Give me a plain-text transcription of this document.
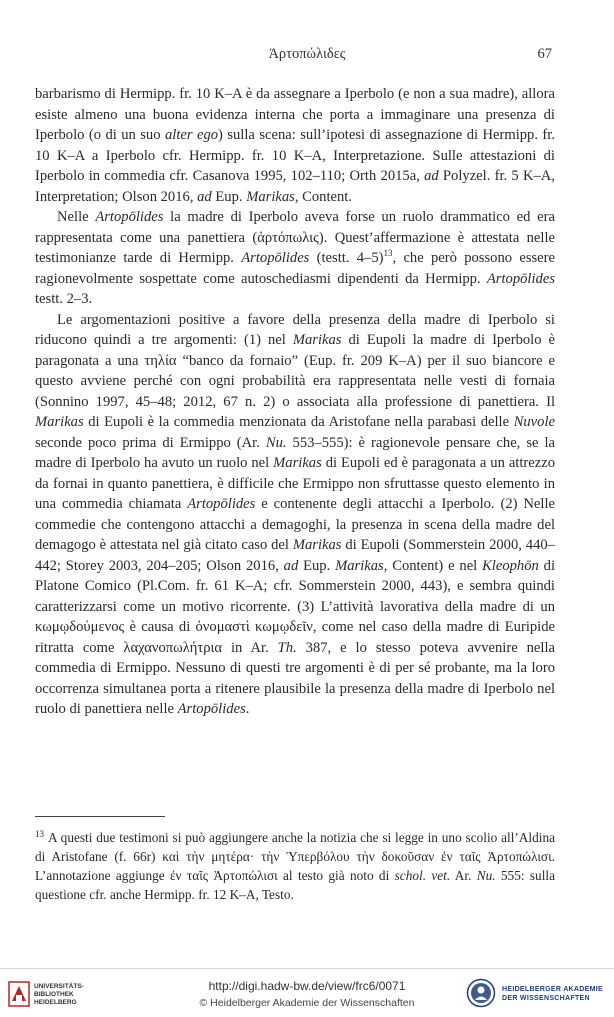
Ἀρτοπώλιδες	67

barbarismo di Hermipp. fr. 10 K–A è da assegnare a Iperbolo (e non a sua madre), allora esiste almeno una buona evidenza interna che porta a immaginare una presenza di Iperbolo (o di un suo alter ego) sulla scena: sull’ipotesi di assegnazione di Hermipp. fr. 10 K–A a Iperbolo cfr. Hermipp. fr. 10 K–A, Interpretazione. Sulle attestazioni di Iperbolo in commedia cfr. Casanova 1995, 102–110; Orth 2015a, ad Polyzel. fr. 5 K–A, Interpretation; Olson 2016, ad Eup. Marikas, Content.

Nelle Artopōlides la madre di Iperbolo aveva forse un ruolo drammatico ed era rappresentata come una panettiera (ἀρτόπωλις). Quest’affermazione è attestata nelle testimonianze tarde di Hermipp. Artopōlides (testt. 4–5)$^{13}$, che però possono essere ragionevolmente sospettate come autoschediasmi dipendenti da Hermipp. Artopōlides testt. 2–3.

Le argomentazioni positive a favore della presenza della madre di Iperbolo si riducono quindi a tre argomenti: (1) nel Marikas di Eupoli la madre di Iperbolo è paragonata a una τηλία “banco da fornaio” (Eup. fr. 209 K–A) per il suo biancore e questo avviene perché con ogni probabilità era rappresentata nelle vesti di fornaia (Sonnino 1997, 45–48; 2012, 67 n. 2) o associata alla professione di panettiera. Il Marikas di Eupoli è la commedia menzionata da Aristofane nella parabasi delle Nuvole seconde poco prima di Ermippo (Ar. Nu. 553–555): è ragionevole pensare che, se la madre di Iperbolo ha avuto un ruolo nel Marikas di Eupoli ed è paragonata a un attrezzo da fornai in quanto panettiera, è difficile che Ermippo non sfruttasse questo elemento in una commedia chiamata Artopōlides e contenente degli attacchi a Iperbolo. (2) Nelle commedie che contengono attacchi a demagoghi, la presenza in scena della madre del demagogo è attestata nel già citato caso del Marikas di Eupoli (Sommerstein 2000, 440–442; Storey 2003, 204–205; Olson 2016, ad Eup. Marikas, Content) e nel Kleophōn di Platone Comico (Pl.Com. fr. 61 K–A; cfr. Sommerstein 2000, 443), e sembra quindi caratterizzarsi come un motivo ricorrente. (3) L’attività lavorativa della madre di un κωμῳδούμενος è causa di ὀνομαστὶ κωμῳδεῖν, come nel caso della madre di Euripide ritratta come λαχανοπωλήτρια in Ar. Th. 387, e lo stesso poteva avvenire nella commedia di Ermippo. Nessuno di questi tre argomenti è di per sé probante, ma la loro occorrenza simultanea porta a ritenere plausibile la presenza della madre di Iperbolo nel ruolo di panettiera nelle Artopōlides.

$^{13}$ A questi due testimoni si può aggiungere anche la notizia che si legge in uno scolio all’Aldina di Aristofane (f. 66r) καὶ τὴν μητέρα· τὴν Ὑπερβόλου τὴν δοκοῦσαν ἐν ταῖς Ἀρτοπώλισι. L’annotazione aggiunge ἐν ταῖς Ἀρτοπώλισι al testo già noto di schol. vet. Ar. Nu. 555: sulla questione cfr. anche Hermipp. fr. 12 K–A, Testo.

UNIVERSITÄTS-
BIBLIOTHEK
HEIDELBERG
http://digi.hadw-bw.de/view/frc6/0071
© Heidelberger Akademie der Wissenschaften
HEIDELBERGER AKADEMIE
DER WISSENSCHAFTEN
